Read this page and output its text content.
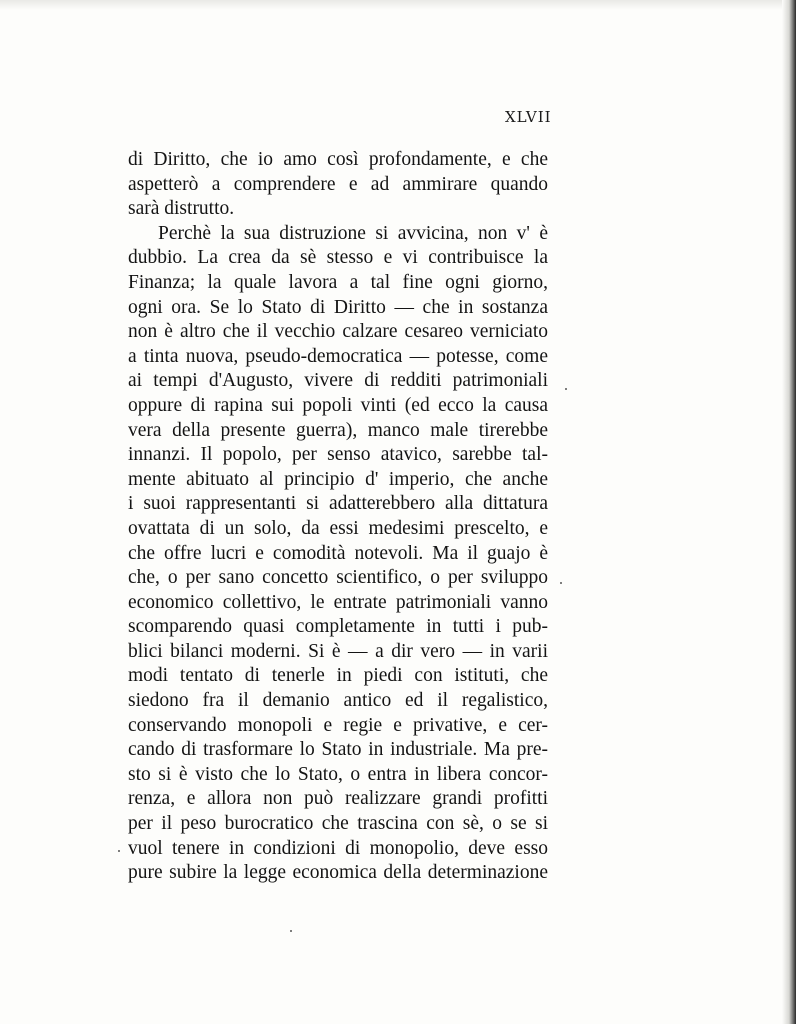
XLVII
di Diritto, che io amo così profondamente, e che
aspetterò a comprendere e ad ammirare quando
sarà distrutto.
Perchè la sua distruzione si avvicina, non v' è
dubbio. La crea da sè stesso e vi contribuisce la
Finanza; la quale lavora a tal fine ogni giorno,
ogni ora. Se lo Stato di Diritto — che in sostanza
non è altro che il vecchio calzare cesareo verniciato
a tinta nuova, pseudo-democratica — potesse, come
ai tempi d'Augusto, vivere di redditi patrimoniali
oppure di rapina sui popoli vinti (ed ecco la causa
vera della presente guerra), manco male tirerebbe
innanzi. Il popolo, per senso atavico, sarebbe tal-
mente abituato al principio d' imperio, che anche
i suoi rappresentanti si adatterebbero alla dittatura
ovattata di un solo, da essi medesimi prescelto, e
che offre lucri e comodità notevoli. Ma il guajo è
che, o per sano concetto scientifico, o per sviluppo
economico collettivo, le entrate patrimoniali vanno
scomparendo quasi completamente in tutti i pub-
blici bilanci moderni. Si è — a dir vero — in varii
modi tentato di tenerle in piedi con istituti, che
siedono fra il demanio antico ed il regalistico,
conservando monopoli e regie e privative, e cer-
cando di trasformare lo Stato in industriale. Ma pre-
sto si è visto che lo Stato, o entra in libera concor-
renza, e allora non può realizzare grandi profitti
per il peso burocratico che trascina con sè, o se si
vuol tenere in condizioni di monopolio, deve esso
pure subire la legge economica della determinazione
